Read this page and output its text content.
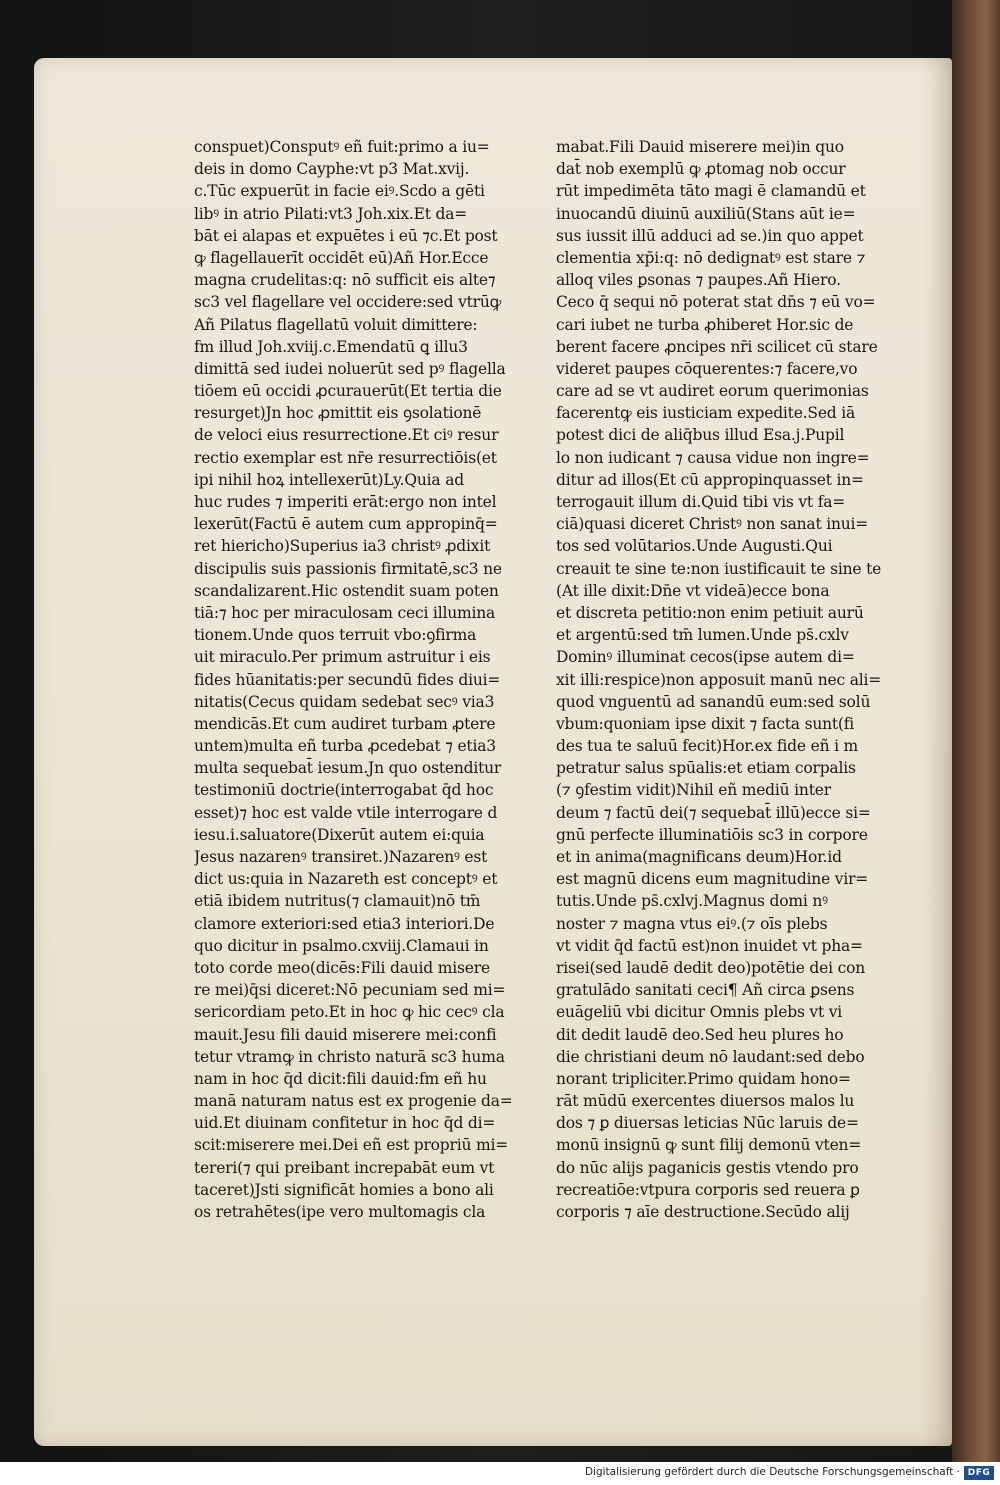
conspuet)Consputꝰ eñ fuit:primo a iu=
deis in domo Cayphe:vt p3 Mat.xvij.
c.Tūc expuerūt in facie eiꝰ.Scdo a gēti
libꝰ in atrio Pilati:vt3 Joh.xix.Et da=
bāt ei alapas et expuētes i eū ⁊c.Et post
ꝙ flagellauerīt occidēt eū)Añ Hor.Ecce
magna crudelitas:q: nō sufficit eis alte⁊
sc3 vel flagellare vel occidere:sed vtrūꝙ
Añ Pilatus flagellatū voluit dimittere:
fm illud Joh.xviij.c.Emendatū ꝗ illu3
dimittā sed iudei noluerūt sed pꝰ flagella
tiōem eū occidi ꝓcurauerūt(Et tertia die
resurget)Jn hoc ꝓmittit eis ꝯsolationē
de veloci eius resurrectione.Et ciꝰ resur
rectio exemplar est nr̄e resurrectiōis(et
ipi nihil hoꝝ intellexerūt)Ly.Quia ad
huc rudes ⁊ imperiti erāt:ergo non intel
lexerūt(Factū ē autem cum appropinq̄=
ret hiericho)Superius ia3 christꝰ ꝓdixit
discipulis suis passionis firmitatē,sc3 ne
scandalizarent.Hic ostendit suam poten
tiā:⁊ hoc per miraculosam ceci illumina
tionem.Unde quos terruit vbo:ꝯfirma
uit miraculo.Per primum astruitur i eis
fides hūanitatis:per secundū fides diui=
nitatis(Cecus quidam sedebat secꝰ via3
mendicās.Et cum audiret turbam ꝓtere
untem)multa eñ turba ꝓcedebat ⁊ etia3
multa sequebat̄ iesum.Jn quo ostenditur
testimoniū doctrie(interrogabat q̄d hoc
esset)⁊ hoc est valde vtile interrogare d
iesu.i.saluatore(Dixerūt autem ei:quia
Jesus nazarenꝰ transiret.)Nazarenꝰ est
dict us:quia in Nazareth est conceptꝰ et
etiā ibidem nutritus(⁊ clamauit)nō tm̄
clamore exteriori:sed etia3 interiori.De
quo dicitur in psalmo.cxviij.Clamaui in
toto corde meo(dicēs:Fili dauid misere
re mei)q̄si diceret:Nō pecuniam sed mi=
sericordiam peto.Et in hoc ꝙ hic cecꝰ cla
mauit.Jesu fili dauid miserere mei:confi
tetur vtramꝙ in christo naturā sc3 huma
nam in hoc q̄d dicit:fili dauid:fm eñ hu
manā naturam natus est ex progenie da=
uid.Et diuinam confitetur in hoc q̄d di=
scit:miserere mei.Dei eñ est propriū mi=
tereri(⁊ qui preibant increpabāt eum vt
taceret)Jsti significāt homies a bono ali
os retrahētes(ipe vero multomagis cla
mabat.Fili Dauid miserere mei)in quo
dat̄ nob exemplū ꝙ ꝓtomag nob occur
rūt impedimēta tāto magi ē clamandū et
inuocandū diuinū auxiliū(Stans aūt ie=
sus iussit illū adduci ad se.)in quo appet
clementia xp̄i:q: nō dedignatꝰ est stare ⁊
alloq viles ꝑsonas ⁊ paupes.Añ Hiero.
Ceco q̄ sequi nō poterat stat dn̄s ⁊ eū vo=
cari iubet ne turba ꝓhiberet Hor.sic de
berent facere ꝓncipes nr̄i scilicet cū stare
videret paupes cōquerentes:⁊ facere,vo
care ad se vt audiret eorum querimonias
facerentꝙ eis iusticiam expedite.Sed iā
potest dici de aliq̄bus illud Esa.j.Pupil
lo non iudicant ⁊ causa vidue non ingre=
ditur ad illos(Et cū appropinquasset in=
terrogauit illum di.Quid tibi vis vt fa=
ciā)quasi diceret Christꝰ non sanat inui=
tos sed volūtarios.Unde Augusti.Qui
creauit te sine te:non iustificauit te sine te
(At ille dixit:Dn̄e vt videā)ecce bona
et discreta petitio:non enim petiuit aurū
et argentū:sed tm̄ lumen.Unde ps̄.cxlv
Dominꝰ illuminat cecos(ipse autem di=
xit illi:respice)non apposuit manū nec ali=
quod vnguentū ad sanandū eum:sed solū
vbum:quoniam ipse dixit ⁊ facta sunt(fi
des tua te saluū fecit)Hor.ex fide eñ i m
petratur salus spūalis:et etiam corpalis
(⁊ ꝯfestim vidit)Nihil eñ mediū inter
deum ⁊ factū dei(⁊ sequebat̄ illū)ecce si=
gnū perfecte illuminatiōis sc3 in corpore
et in anima(magnificans deum)Hor.id
est magnū dicens eum magnitudine vir=
tutis.Unde ps̄.cxlvj.Magnus domi nꝰ
noster ⁊ magna vtus eiꝰ.(⁊ oīs plebs
vt vidit q̄d factū est)non inuidet vt pha=
risei(sed laudē dedit deo)potētie dei con
gratulādo sanitati ceci¶ Añ circa ꝑsens
euāgeliū vbi dicitur Omnis plebs vt vi
dit dedit laudē deo.Sed heu plures ho
die christiani deum nō laudant:sed debo
norant tripliciter.Primo quidam hono=
rāt mūdū exercentes diuersos malos lu
dos ⁊ ꝑ diuersas leticias Nūc laruis de=
monū insignū ꝙ sunt filij demonū vten=
do nūc alijs paganicis gestis vtendo pro
recreatiōe:vtpura corporis sed reuera ꝑ
corporis ⁊ aīe destructione.Secūdo alij
Digitalisierung gefördert durch die Deutsche Forschungsgemeinschaft · DFG
